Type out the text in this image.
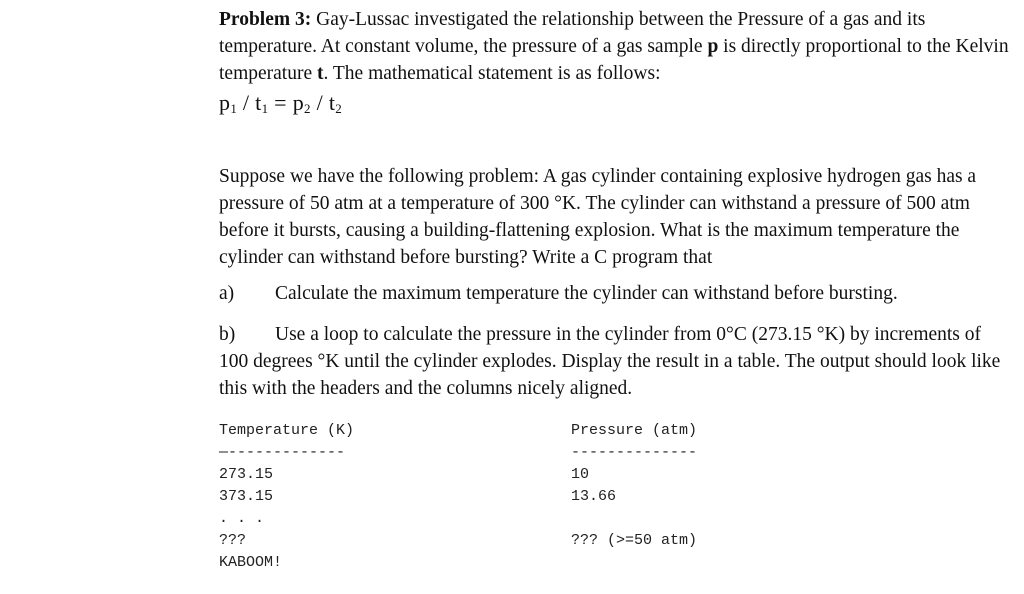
Problem 3: Gay-Lussac investigated the relationship between the Pressure of a gas and its temperature. At constant volume, the pressure of a gas sample p is directly proportional to the Kelvin temperature t. The mathematical statement is as follows:

$p_1 / t_1 = p_2 / t_2$

Suppose we have the following problem: A gas cylinder containing explosive hydrogen gas has a pressure of 50 atm at a temperature of 300 °K. The cylinder can withstand a pressure of 500 atm before it bursts, causing a building-flattening explosion. What is the maximum temperature the cylinder can withstand before bursting? Write a C program that

a)	Calculate the maximum temperature the cylinder can withstand before bursting.
b) Use a loop to calculate the pressure in the cylinder from 0°C (273.15 °K) by increments of 100 degrees °K until the cylinder explodes. Display the result in a table. The output should look like this with the headers and the columns nicely aligned.
Temperature (K)	Pressure (atm)
—-------------	--------------
273.15	10
373.15	13.66
. . .
???	??? (>=50 atm)
KABOOM!
